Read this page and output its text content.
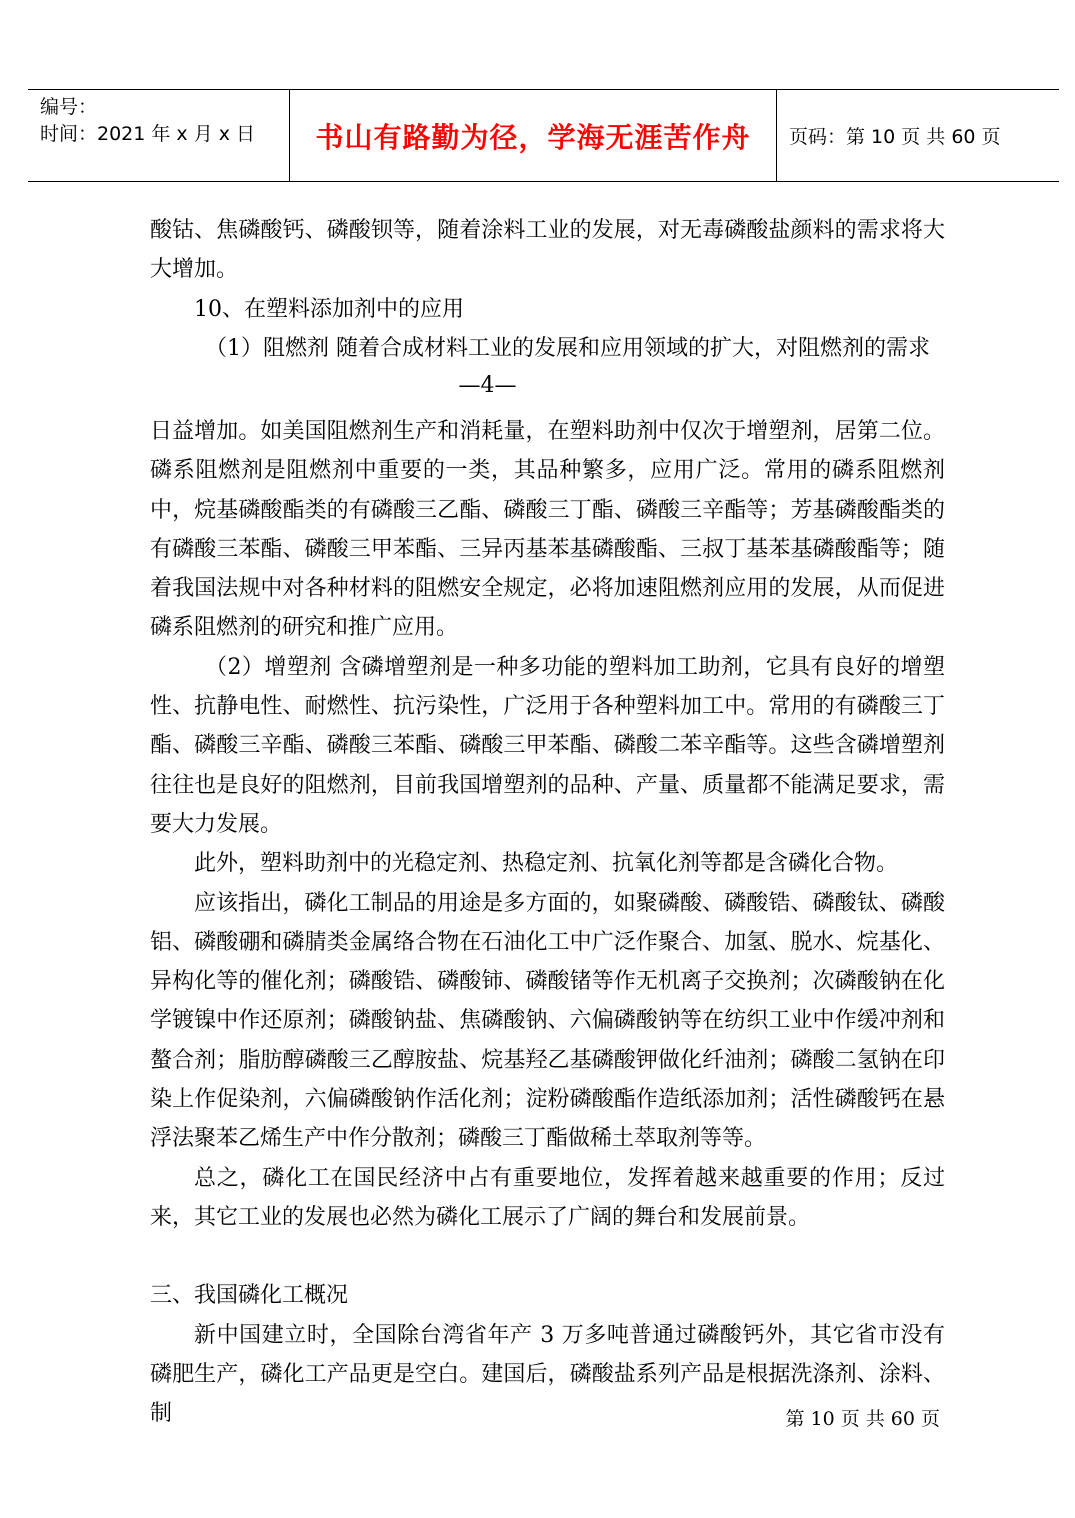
编号：
时间：2021 年 x 月 x 日 书山有路勤为径，学海无涯苦作舟 页码：第 10 页 共 60 页

酸钴、焦磷酸钙、磷酸钡等，随着涂料工业的发展，对无毒磷酸盐颜料的需求将大大增加。

10、在塑料添加剂中的应用

（1）阻燃剂 随着合成材料工业的发展和应用领域的扩大，对阻燃剂的需求

—4—

日益增加。如美国阻燃剂生产和消耗量，在塑料助剂中仅次于增塑剂，居第二位。磷系阻燃剂是阻燃剂中重要的一类，其品种繁多，应用广泛。常用的磷系阻燃剂中，烷基磷酸酯类的有磷酸三乙酯、磷酸三丁酯、磷酸三辛酯等；芳基磷酸酯类的有磷酸三苯酯、磷酸三甲苯酯、三异丙基苯基磷酸酯、三叔丁基苯基磷酸酯等；随着我国法规中对各种材料的阻燃安全规定，必将加速阻燃剂应用的发展，从而促进磷系阻燃剂的研究和推广应用。

（2）增塑剂 含磷增塑剂是一种多功能的塑料加工助剂，它具有良好的增塑性、抗静电性、耐燃性、抗污染性，广泛用于各种塑料加工中。常用的有磷酸三丁酯、磷酸三辛酯、磷酸三苯酯、磷酸三甲苯酯、磷酸二苯辛酯等。这些含磷增塑剂往往也是良好的阻燃剂，目前我国增塑剂的品种、产量、质量都不能满足要求，需要大力发展。

此外，塑料助剂中的光稳定剂、热稳定剂、抗氧化剂等都是含磷化合物。

应该指出，磷化工制品的用途是多方面的，如聚磷酸、磷酸锆、磷酸钛、磷酸铝、磷酸硼和磷腈类金属络合物在石油化工中广泛作聚合、加氢、脱水、烷基化、异构化等的催化剂；磷酸锆、磷酸铈、磷酸锗等作无机离子交换剂；次磷酸钠在化学镀镍中作还原剂；磷酸钠盐、焦磷酸钠、六偏磷酸钠等在纺织工业中作缓冲剂和螯合剂；脂肪醇磷酸三乙醇胺盐、烷基羟乙基磷酸钾做化纤油剂；磷酸二氢钠在印染上作促染剂，六偏磷酸钠作活化剂；淀粉磷酸酯作造纸添加剂；活性磷酸钙在悬浮法聚苯乙烯生产中作分散剂；磷酸三丁酯做稀土萃取剂等等。

总之，磷化工在国民经济中占有重要地位，发挥着越来越重要的作用；反过来，其它工业的发展也必然为磷化工展示了广阔的舞台和发展前景。

三、我国磷化工概况

新中国建立时，全国除台湾省年产 3 万多吨普通过磷酸钙外，其它省市没有磷肥生产，磷化工产品更是空白。建国后，磷酸盐系列产品是根据洗涤剂、涂料、制	第 10 页 共 60 页
